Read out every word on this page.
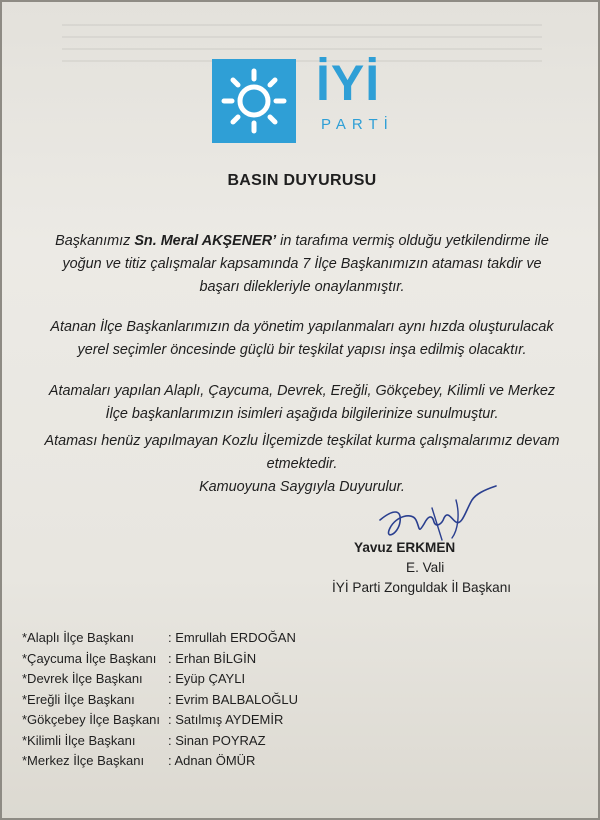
İYİ
PARTİ
BASIN DUYURUSU
Başkanımız Sn. Meral AKŞENER’ in tarafıma vermiş olduğu yetkilendirme ile
yoğun ve titiz çalışmalar kapsamında 7 İlçe Başkanımızın ataması takdir ve
başarı dilekleriyle onaylanmıştır.
Atanan İlçe Başkanlarımızın da yönetim yapılanmaları aynı hızda oluşturulacak
yerel seçimler öncesinde güçlü bir teşkilat yapısı inşa edilmiş olacaktır.
Atamaları yapılan Alaplı, Çaycuma, Devrek, Ereğli, Gökçebey, Kilimli ve Merkez
İlçe başkanlarımızın isimleri aşağıda bilgilerinize sunulmuştur.
Ataması henüz yapılmayan Kozlu İlçemizde teşkilat kurma çalışmalarımız devam
etmektedir.
Kamuoyuna Saygıyla Duyurulur.
Yavuz ERKMEN
E. Vali
İYİ Parti Zonguldak İl Başkanı
*Alaplı İlçe Başkanı	: Emrullah ERDOĞAN
*Çaycuma İlçe Başkanı : Erhan BİLGİN
*Devrek İlçe Başkanı	: Eyüp ÇAYLI
*Ereğli İlçe Başkanı	: Evrim BALBALOĞLU
*Gökçebey İlçe Başkanı : Satılmış AYDEMİR
*Kilimli İlçe Başkanı	: Sinan POYRAZ
*Merkez İlçe Başkanı	: Adnan ÖMÜR
